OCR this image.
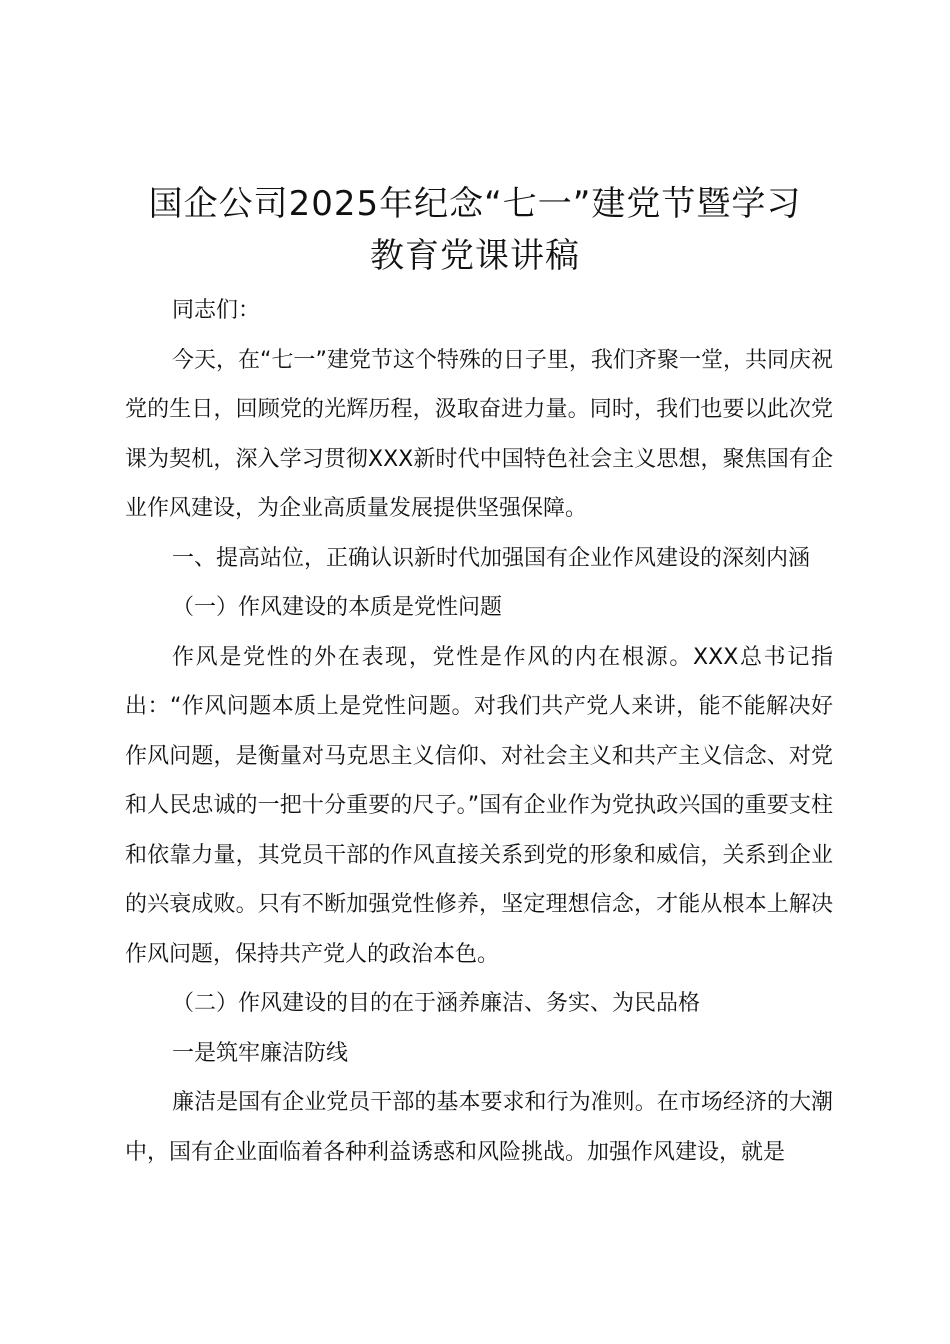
国企公司2025年纪念“七一”建党节暨学习
教育党课讲稿

同志们：

今天，在“七一”建党节这个特殊的日子里，我们齐聚一堂，共同庆祝党的生日，回顾党的光辉历程，汲取奋进力量。同时，我们也要以此次党课为契机，深入学习贯彻XXX新时代中国特色社会主义思想，聚焦国有企业作风建设，为企业高质量发展提供坚强保障。

一、提高站位，正确认识新时代加强国有企业作风建设的深刻内涵

（一）作风建设的本质是党性问题

作风是党性的外在表现，党性是作风的内在根源。XXX总书记指出：“作风问题本质上是党性问题。对我们共产党人来讲，能不能解决好作风问题，是衡量对马克思主义信仰、对社会主义和共产主义信念、对党和人民忠诚的一把十分重要的尺子。”国有企业作为党执政兴国的重要支柱和依靠力量，其党员干部的作风直接关系到党的形象和威信，关系到企业的兴衰成败。只有不断加强党性修养，坚定理想信念，才能从根本上解决作风问题，保持共产党人的政治本色。

（二）作风建设的目的在于涵养廉洁、务实、为民品格

一是筑牢廉洁防线

廉洁是国有企业党员干部的基本要求和行为准则。在市场经济的大潮中，国有企业面临着各种利益诱惑和风险挑战。加强作风建设，就是
